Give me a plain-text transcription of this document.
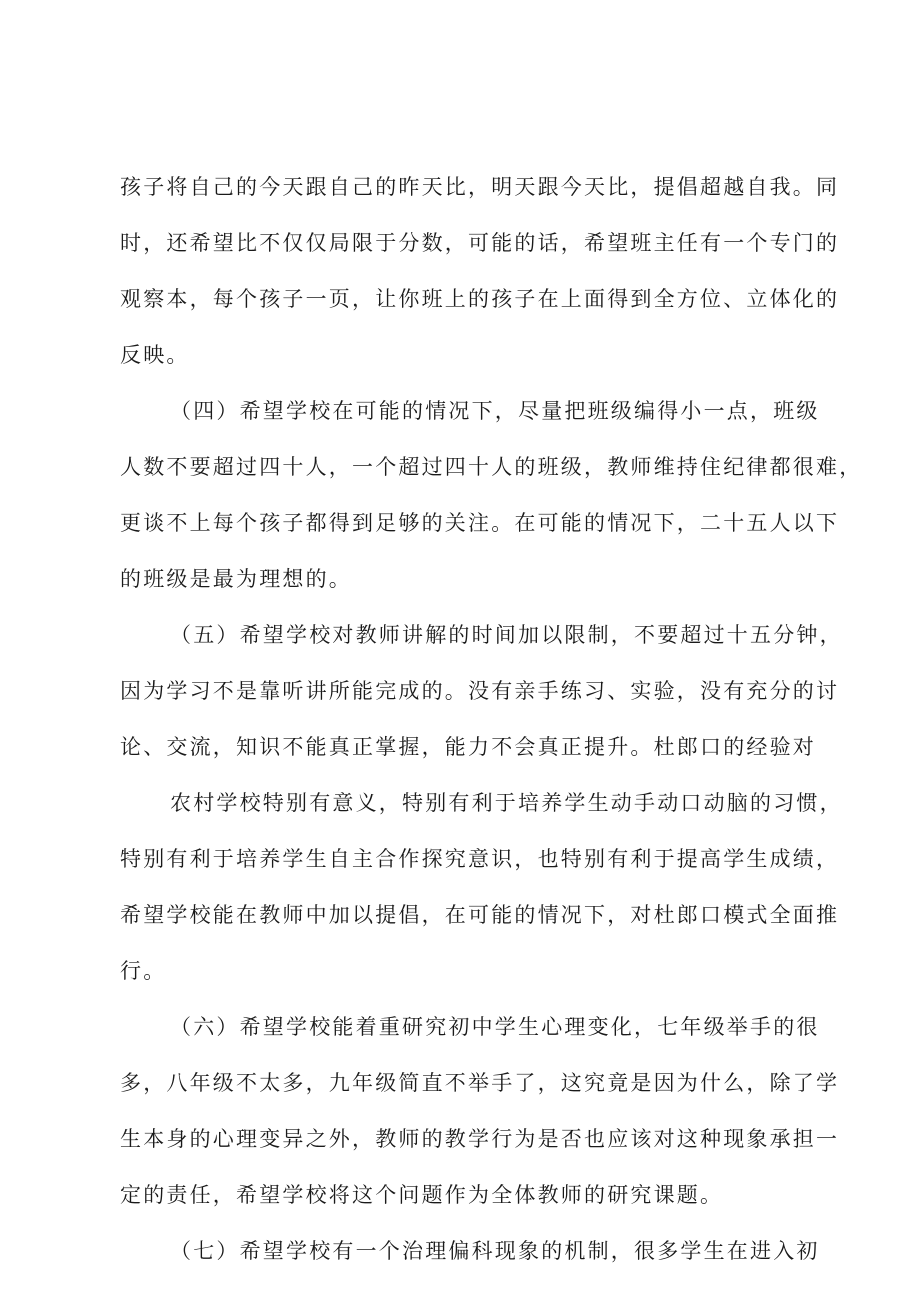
孩子将自己的今天跟自己的昨天比，明天跟今天比，提倡超越自我。同
时，还希望比不仅仅局限于分数，可能的话，希望班主任有一个专门的
观察本，每个孩子一页，让你班上的孩子在上面得到全方位、立体化的
反映。
（四）希望学校在可能的情况下，尽量把班级编得小一点，班级
人数不要超过四十人，一个超过四十人的班级，教师维持住纪律都很难，
更谈不上每个孩子都得到足够的关注。在可能的情况下，二十五人以下
的班级是最为理想的。
（五）希望学校对教师讲解的时间加以限制，不要超过十五分钟，
因为学习不是靠听讲所能完成的。没有亲手练习、实验，没有充分的讨
论、交流，知识不能真正掌握，能力不会真正提升。杜郎口的经验对
农村学校特别有意义，特别有利于培养学生动手动口动脑的习惯，
特别有利于培养学生自主合作探究意识，也特别有利于提高学生成绩，
希望学校能在教师中加以提倡，在可能的情况下，对杜郎口模式全面推
行。
（六）希望学校能着重研究初中学生心理变化，七年级举手的很
多，八年级不太多，九年级简直不举手了，这究竟是因为什么，除了学
生本身的心理变异之外，教师的教学行为是否也应该对这种现象承担一
定的责任，希望学校将这个问题作为全体教师的研究课题。
（七）希望学校有一个治理偏科现象的机制，很多学生在进入初
